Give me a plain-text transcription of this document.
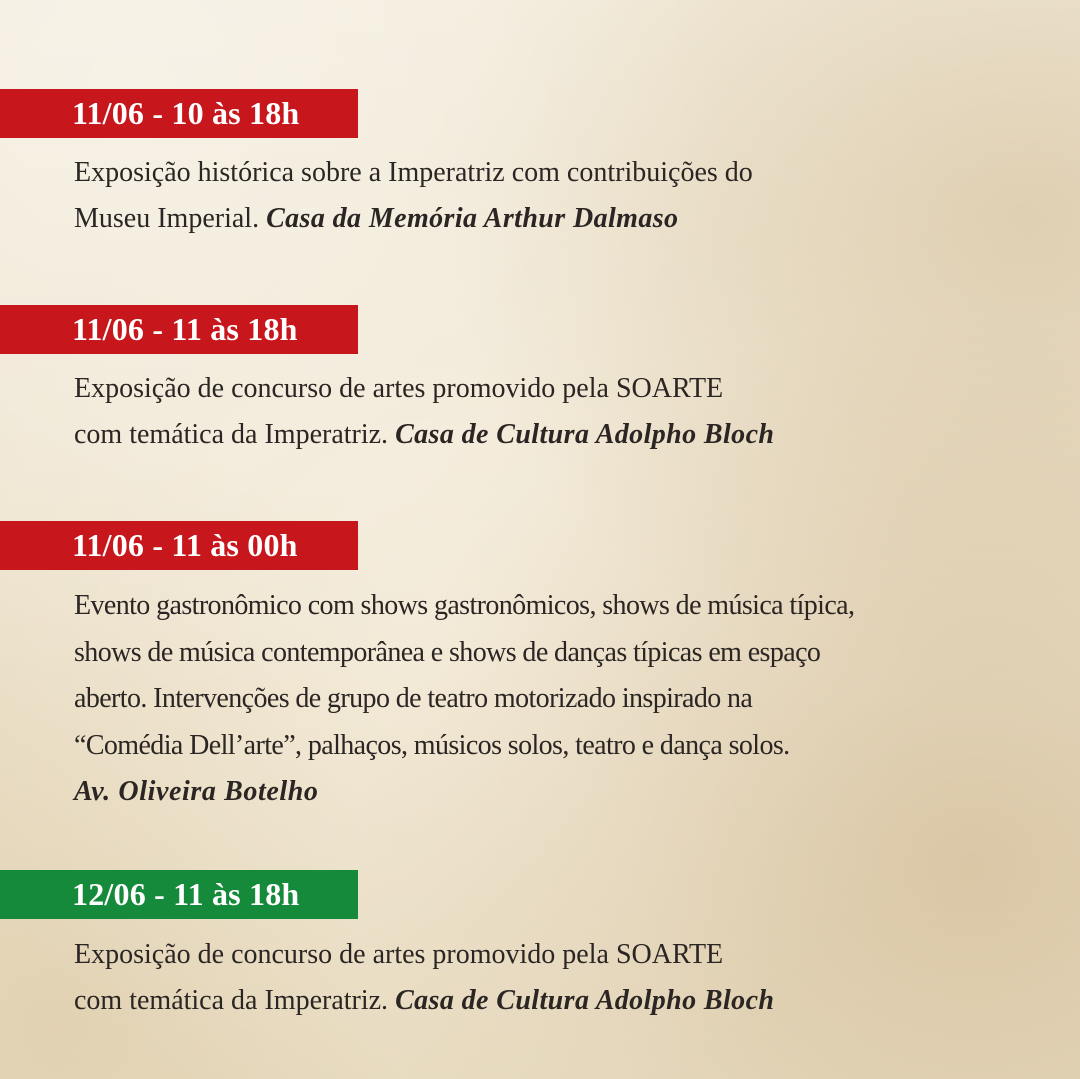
11/06 - 10 às 18h

Exposição histórica sobre a Imperatriz com contribuições do
Museu Imperial. Casa da Memória Arthur Dalmaso

11/06 - 11 às 18h

Exposição de concurso de artes promovido pela SOARTE
com temática da Imperatriz. Casa de Cultura Adolpho Bloch

11/06 - 11 às 00h

Evento gastronômico com shows gastronômicos, shows de música típica,
shows de música contemporânea e shows de danças típicas em espaço
aberto. Intervenções de grupo de teatro motorizado inspirado na
“Comédia Dell’arte”, palhaços, músicos solos, teatro e dança solos.
Av. Oliveira Botelho

12/06 - 11 às 18h

Exposição de concurso de artes promovido pela SOARTE
com temática da Imperatriz. Casa de Cultura Adolpho Bloch
